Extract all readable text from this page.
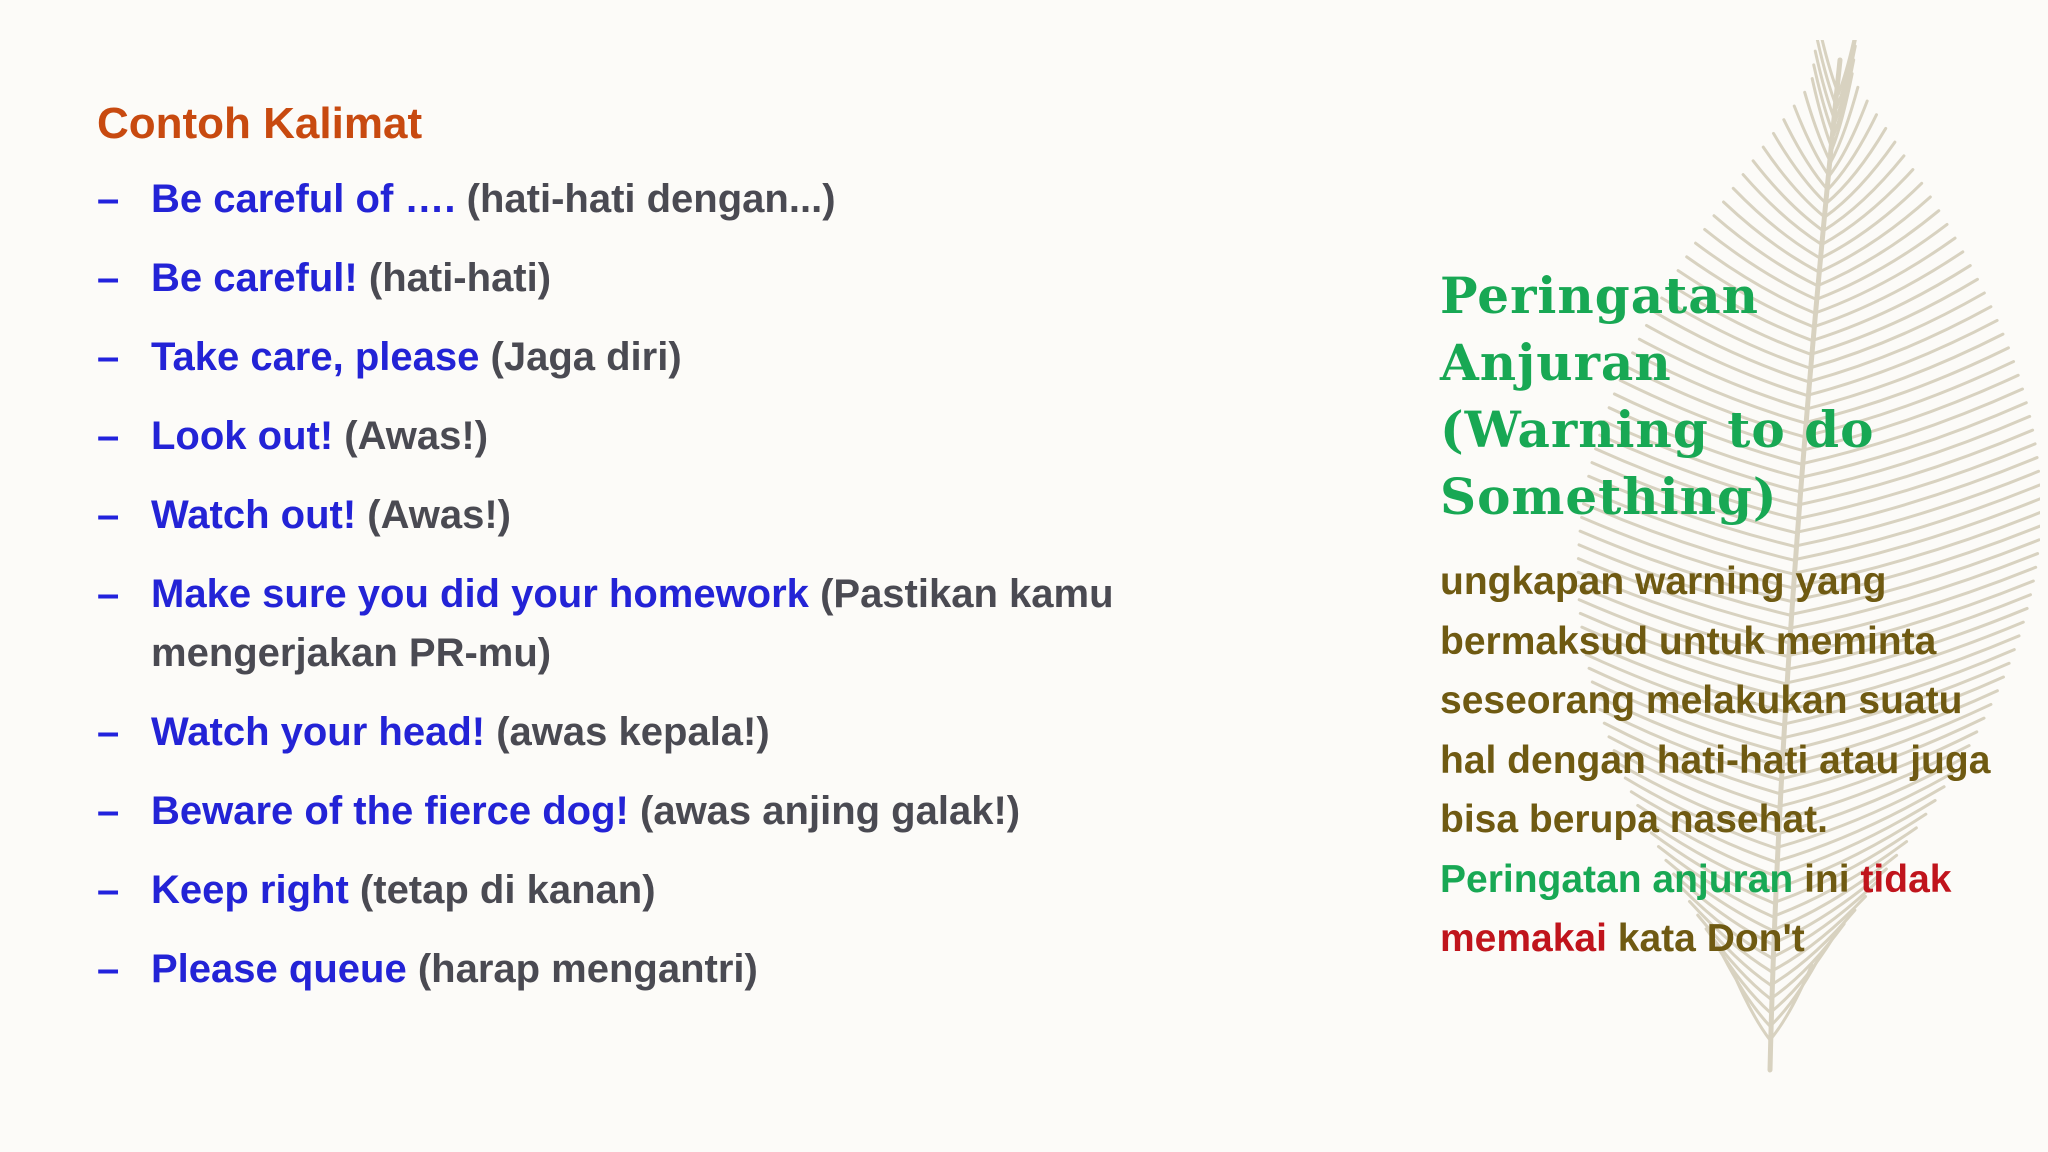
Contoh Kalimat
– Be careful of …. (hati-hati dengan...)
– Be careful! (hati-hati)
– Take care, please (Jaga diri)
– Look out! (Awas!)
– Watch out! (Awas!)
– Make sure you did your homework (Pastikan kamu mengerjakan PR-mu)
– Watch your head! (awas kepala!)
– Beware of the fierce dog! (awas anjing galak!)
– Keep right (tetap di kanan)
– Please queue (harap mengantri)
Peringatan
Anjuran
(Warning to do
Something)

ungkapan warning yang bermaksud untuk meminta seseorang melakukan suatu hal dengan hati-hati atau juga bisa berupa nasehat. Peringatan anjuran ini tidak memakai kata Don't
